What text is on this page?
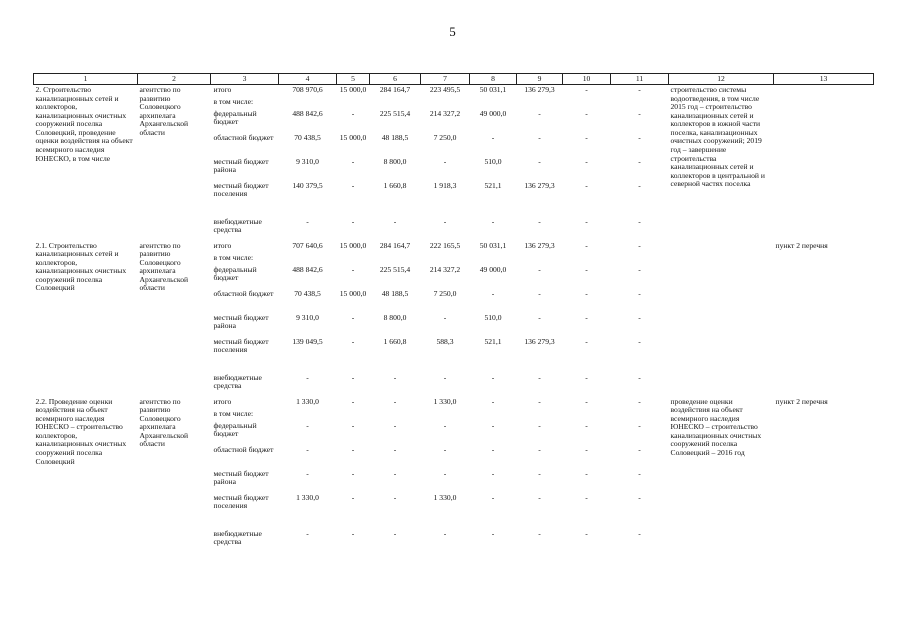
5
1	2	3	4	5	6	7	8	9	10	11	12	13
2. Строительство канализационных сетей и коллекторов, канализационных очистных сооружений поселка Соловецкий, проведение оценки воздействия на объект всемирного наследия ЮНЕСКО, в том числе	агентство по развитию Соловецкого архипелага Архангельской области	итого	708 970,6	15 000,0	284 164,7	223 495,5	50 031,1	136 279,3	-	-	строительство системы водоотведения, в том числе 2015 год – строительство канализационных сетей и коллекторов в южной части поселка, канализационных очистных сооружений; 2019 год – завершение строительства канализационных сетей и коллекторов в центральной и северной частях поселка	
		в том числе:										
		федеральный бюджет	488 842,6	-	225 515,4	214 327,2	49 000,0	-	-	-		
		областной бюджет	70 438,5	15 000,0	48 188,5	7 250,0	-	-	-	-		
		местный бюджет района	9 310,0	-	8 800,0	-	510,0	-	-	-		
		местный бюджет поселения	140 379,5	-	1 660,8	1 918,3	521,1	136 279,3	-	-		
		внебюджетные средства	-	-	-	-	-	-	-	-		
2.1. Строительство канализационных сетей и коллекторов, канализационных очистных сооружений поселка Соловецкий	агентство по развитию Соловецкого архипелага Архангельской области	итого	707 640,6	15 000,0	284 164,7	222 165,5	50 031,1	136 279,3	-	-		пункт 2 перечня
		в том числе:										
		федеральный бюджет	488 842,6	-	225 515,4	214 327,2	49 000,0	-	-	-		
		областной бюджет	70 438,5	15 000,0	48 188,5	7 250,0	-	-	-	-		
		местный бюджет района	9 310,0	-	8 800,0	-	510,0	-	-	-		
		местный бюджет поселения	139 049,5	-	1 660,8	588,3	521,1	136 279,3	-	-		
		внебюджетные средства	-	-	-	-	-	-	-	-		
2.2. Проведение оценки воздействия на объект всемирного наследия ЮНЕСКО – строительство коллекторов, канализационных очистных сооружений поселка Соловецкий	агентство по развитию Соловецкого архипелага Архангельской области	итого	1 330,0	-	-	1 330,0	-	-	-	-	проведение оценки воздействия на объект всемирного наследия ЮНЕСКО – строительство канализационных очистных сооружений поселка Соловецкий – 2016 год	пункт 2 перечня
		в том числе:										
		федеральный бюджет	-	-	-	-	-	-	-	-		
		областной бюджет	-	-	-	-	-	-	-	-		
		местный бюджет района	-	-	-	-	-	-	-	-		
		местный бюджет поселения	1 330,0	-	-	1 330,0	-	-	-	-		
		внебюджетные средства	-	-	-	-	-	-	-	-		
